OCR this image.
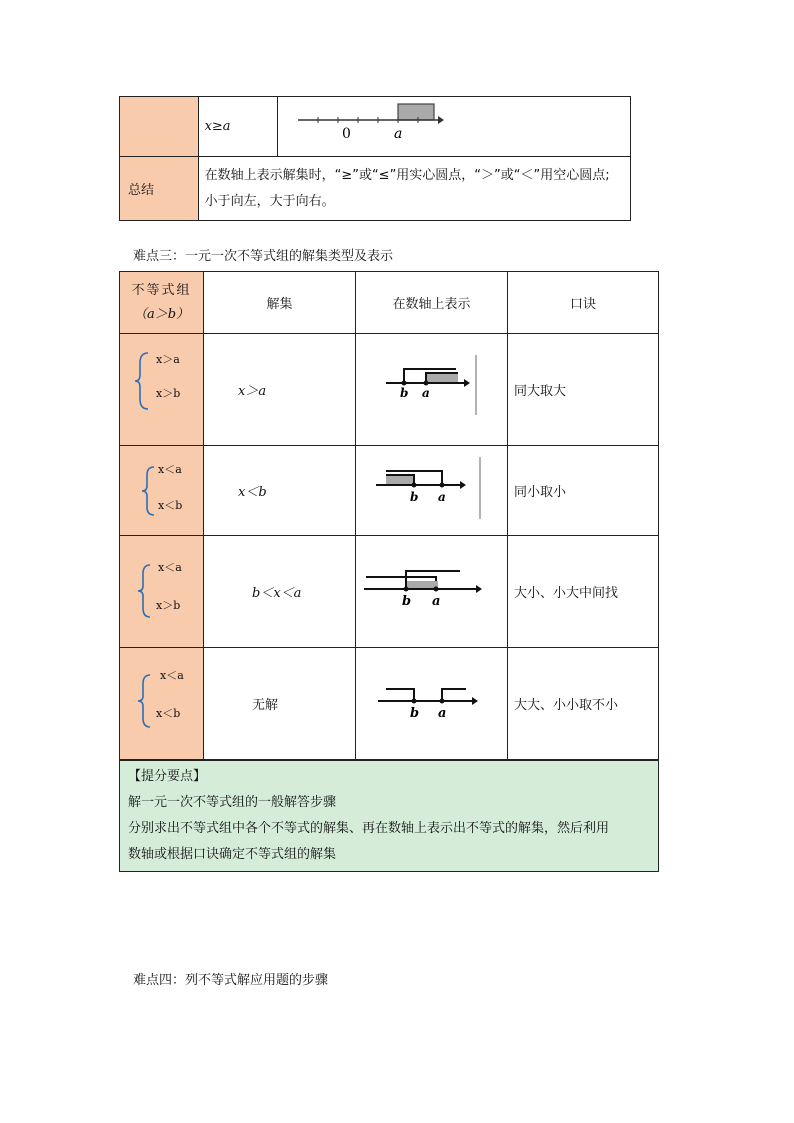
	x≥a	0 a

总结	在数轴上表示解集时，“≥”或“≤”用实心圆点，“＞”或“＜”用空心圆点;
小于向左，大于向右。	
难点三：一元一次不等式组的解集类型及表示
不等式组
（a＞b）	解集	在数轴上表示	口诀

x＞a
x＞b	x＞a	b a	同大取大

x＜a
x＜b	x＜b	b a	同小取小

x＜a
x＞b	b＜x＜a	b a	大小、小大中间找

x＜a
x＜b	无解	b a	大大、小小取不小
【提分要点】
解一元一次不等式组的一般解答步骤
分别求出不等式组中各个不等式的解集、再在数轴上表示出不等式的解集，然后利用
数轴或根据口诀确定不等式组的解集
难点四：列不等式解应用题的步骤
